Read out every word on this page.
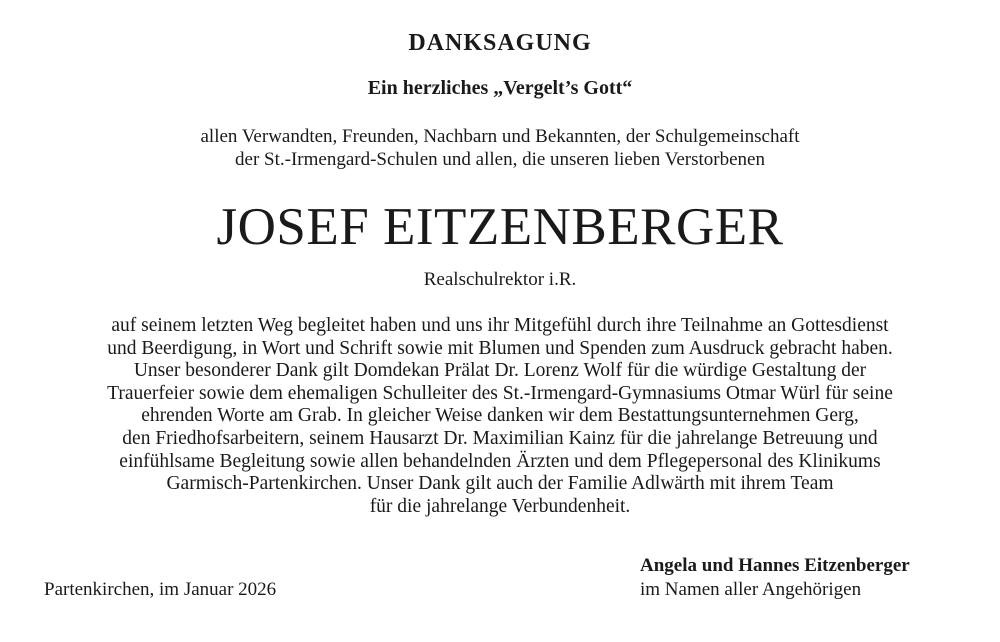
DANKSAGUNG
Ein herzliches „Vergelt’s Gott“
allen Verwandten, Freunden, Nachbarn und Bekannten, der Schulgemeinschaft
der St.-Irmengard-Schulen und allen, die unseren lieben Verstorbenen
JOSEF EITZENBERGER
Realschulrektor i.R.
auf seinem letzten Weg begleitet haben und uns ihr Mitgefühl durch ihre Teilnahme an Gottesdienst
und Beerdigung, in Wort und Schrift sowie mit Blumen und Spenden zum Ausdruck gebracht haben.
Unser besonderer Dank gilt Domdekan Prälat Dr. Lorenz Wolf für die würdige Gestaltung der
Trauerfeier sowie dem ehemaligen Schulleiter des St.-Irmengard-Gymnasiums Otmar Würl für seine
ehrenden Worte am Grab. In gleicher Weise danken wir dem Bestattungsunternehmen Gerg,
den Friedhofsarbeitern, seinem Hausarzt Dr. Maximilian Kainz für die jahrelange Betreuung und
einfühlsame Begleitung sowie allen behandelnden Ärzten und dem Pflegepersonal des Klinikums
Garmisch-Partenkirchen. Unser Dank gilt auch der Familie Adlwärth mit ihrem Team
für die jahrelange Verbundenheit.
Partenkirchen, im Januar 2026
Angela und Hannes Eitzenberger
im Namen aller Angehörigen
